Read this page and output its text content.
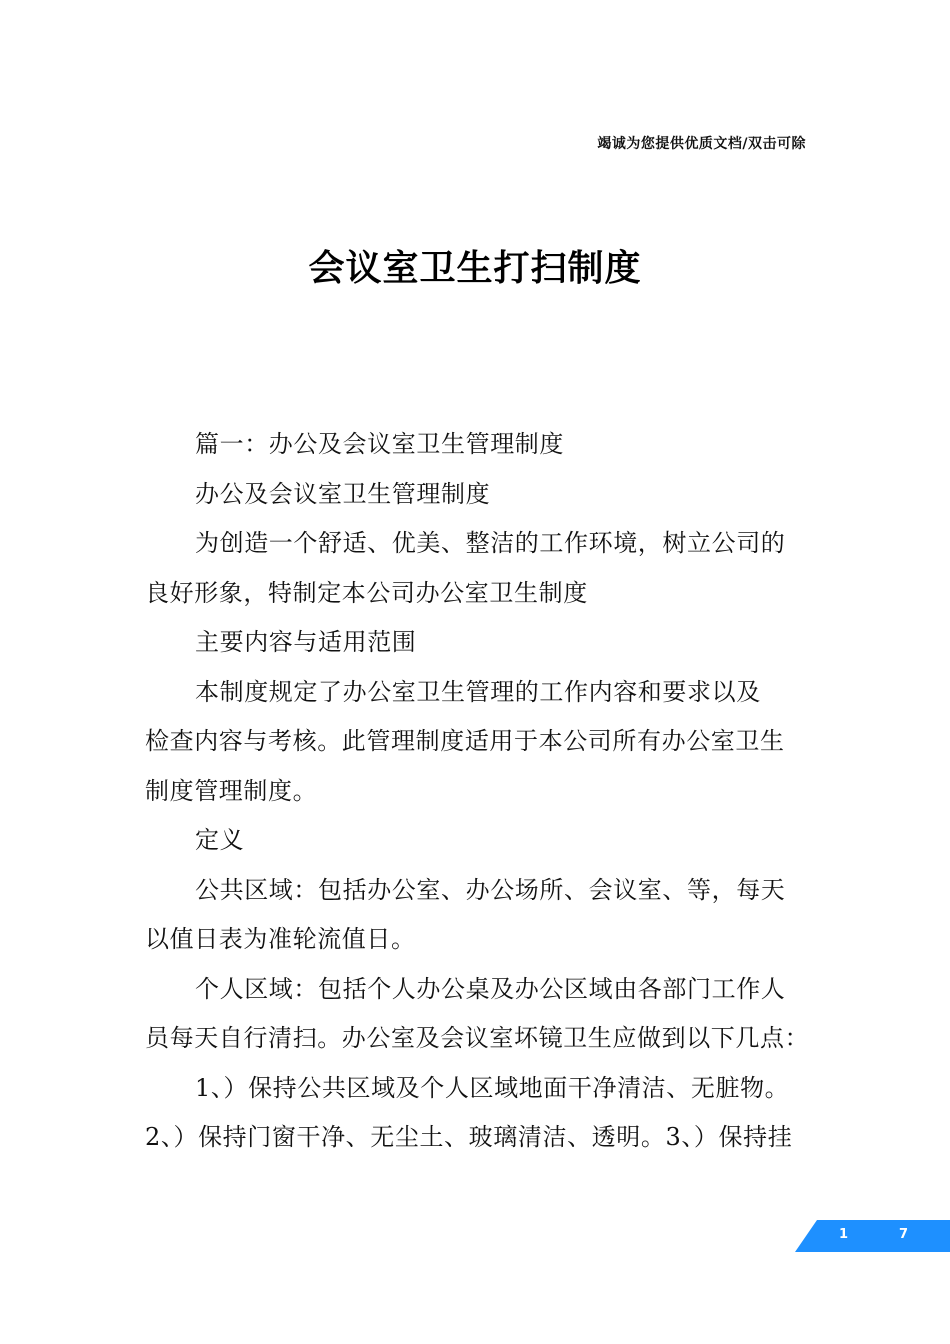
竭诚为您提供优质文档/双击可除
会议室卫生打扫制度
篇一：办公及会议室卫生管理制度
办公及会议室卫生管理制度
为创造一个舒适、优美、整洁的工作环境，树立公司的
良好形象，特制定本公司办公室卫生制度
主要内容与适用范围
本制度规定了办公室卫生管理的工作内容和要求以及
检查内容与考核。此管理制度适用于本公司所有办公室卫生
制度管理制度。
定义
公共区域：包括办公室、办公场所、会议室、等，每天
以值日表为准轮流值日。
个人区域：包括个人办公桌及办公区域由各部门工作人
员每天自行清扫。办公室及会议室坏镜卫生应做到以下几点：
1、）保持公共区域及个人区域地面干净清洁、无脏物。
2、）保持门窗干净、无尘土、玻璃清洁、透明。3、）保持挂
1	7
